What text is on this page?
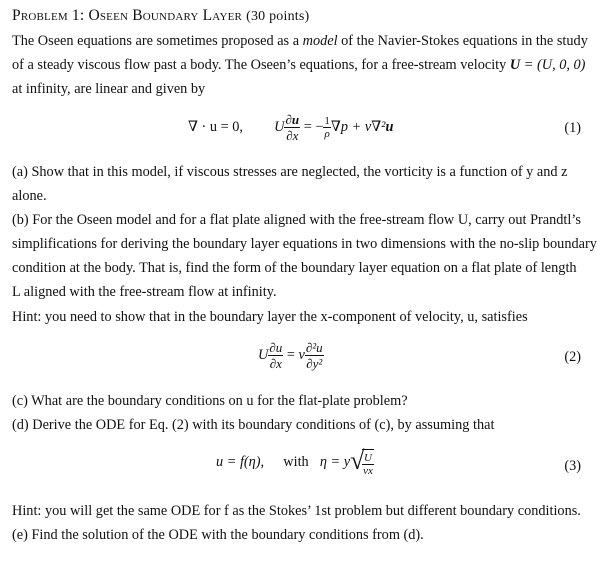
Problem 1: Oseen Boundary Layer (30 points)
The Oseen equations are sometimes proposed as a model of the Navier-Stokes equations in the study
of a steady viscous flow past a body. The Oseen’s equations, for a free-stream velocity U = (U, 0, 0)
at infinity, are linear and given by
∇ · u = 0, U $\frac{\partial u}{\partial x}$ = − $\frac{1}{\rho} \nabla p + \nu\nabla^2u$	(1)
(a) Show that in this model, if viscous stresses are neglected, the vorticity is a function of y and z
alone.
(b) For the Oseen model and for a flat plate aligned with the free-stream flow U, carry out Prandtl’s
simplifications for deriving the boundary layer equations in two dimensions with the no-slip boundary
condition at the body. That is, find the form of the boundary layer equation on a flat plate of length
L aligned with the free-stream flow at infinity.
Hint: you need to show that in the boundary layer the x-component of velocity, u, satisfies
U $\frac{\partial u}{\partial x} = \nu \frac{\text{∂²u}}{\text{∂y²}}$	(2)
(c) What are the boundary conditions on u for the flat-plate problem?
(d) Derive the ODE for Eq. (2) with its boundary conditions of (c), by assuming that
u = f(η), with η = y √
$\frac{U}{\nu x}$	(3)
Hint: you will get the same ODE for f as the Stokes’ 1st problem but different boundary conditions.
(e) Find the solution of the ODE with the boundary conditions from (d).
